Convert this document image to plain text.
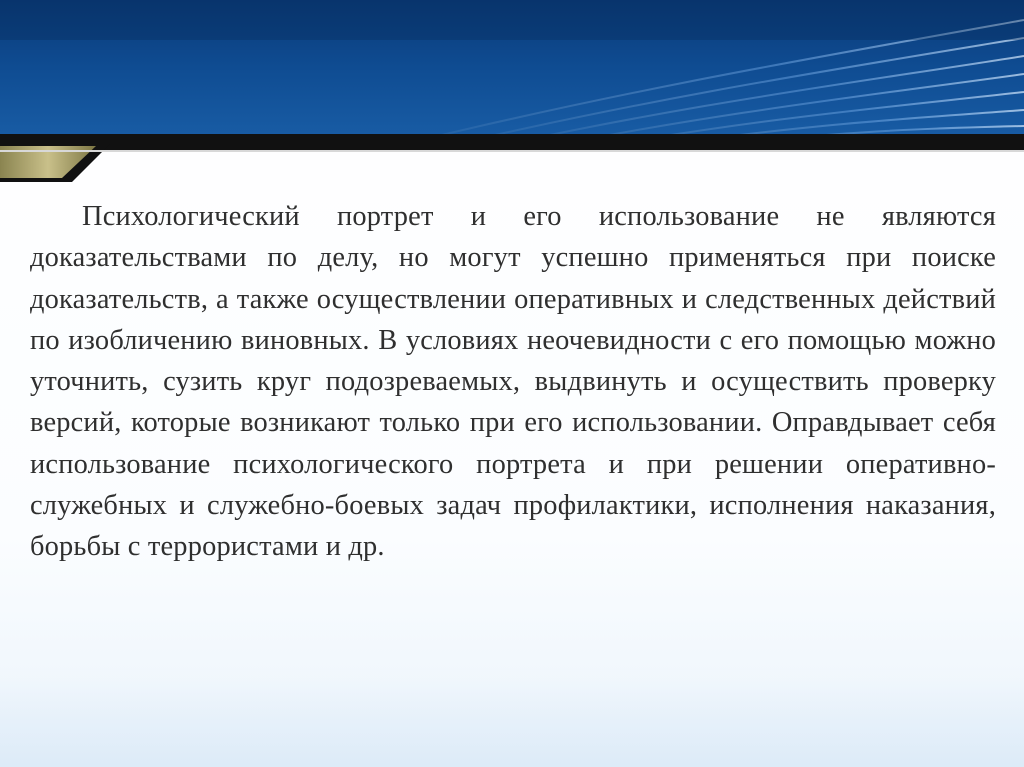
Психологический портрет и его использование не являются доказательствами по делу, но могут успешно применяться при поиске доказательств, а также осуществлении оперативных и следственных действий по изобличению виновных. В условиях неочевидности с его помощью можно уточнить, сузить круг подозреваемых, выдвинуть и осуществить проверку версий, которые возникают только при его использовании. Оправдывает себя использование психологического портрета и при решении оперативно-служебных и служебно-боевых задач профилактики, исполнения наказания, борьбы с террористами и др.
